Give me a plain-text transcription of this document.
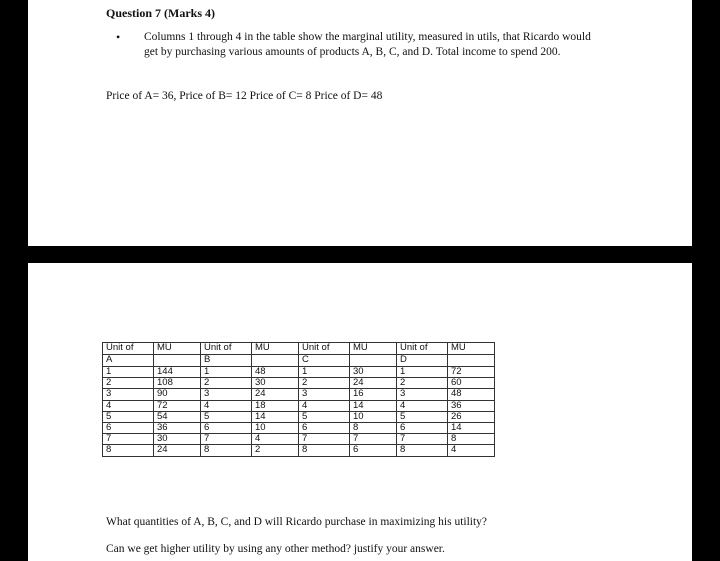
Question 7 (Marks 4)
•	Columns 1 through 4 in the table show the marginal utility, measured in utils, that Ricardo would get by purchasing various amounts of products A, B, C, and D. Total income to spend 200.
Price of A= 36, Price of B= 12 Price of C= 8 Price of D= 48
Unit of	MU	Unit of	MU	Unit of	MU	Unit of	MU
A		B		C		D	
1	144	1	48	1	30	1	72
2	108	2	30	2	24	2	60
3	90	3	24	3	16	3	48
4	72	4	18	4	14	4	36
5	54	5	14	5	10	5	26
6	36	6	10	6	8	6	14
7	30	7	4	7	7	7	8
8	24	8	2	8	6	8	4
What quantities of A, B, C, and D will Ricardo purchase in maximizing his utility?
Can we get higher utility by using any other method? justify your answer.
